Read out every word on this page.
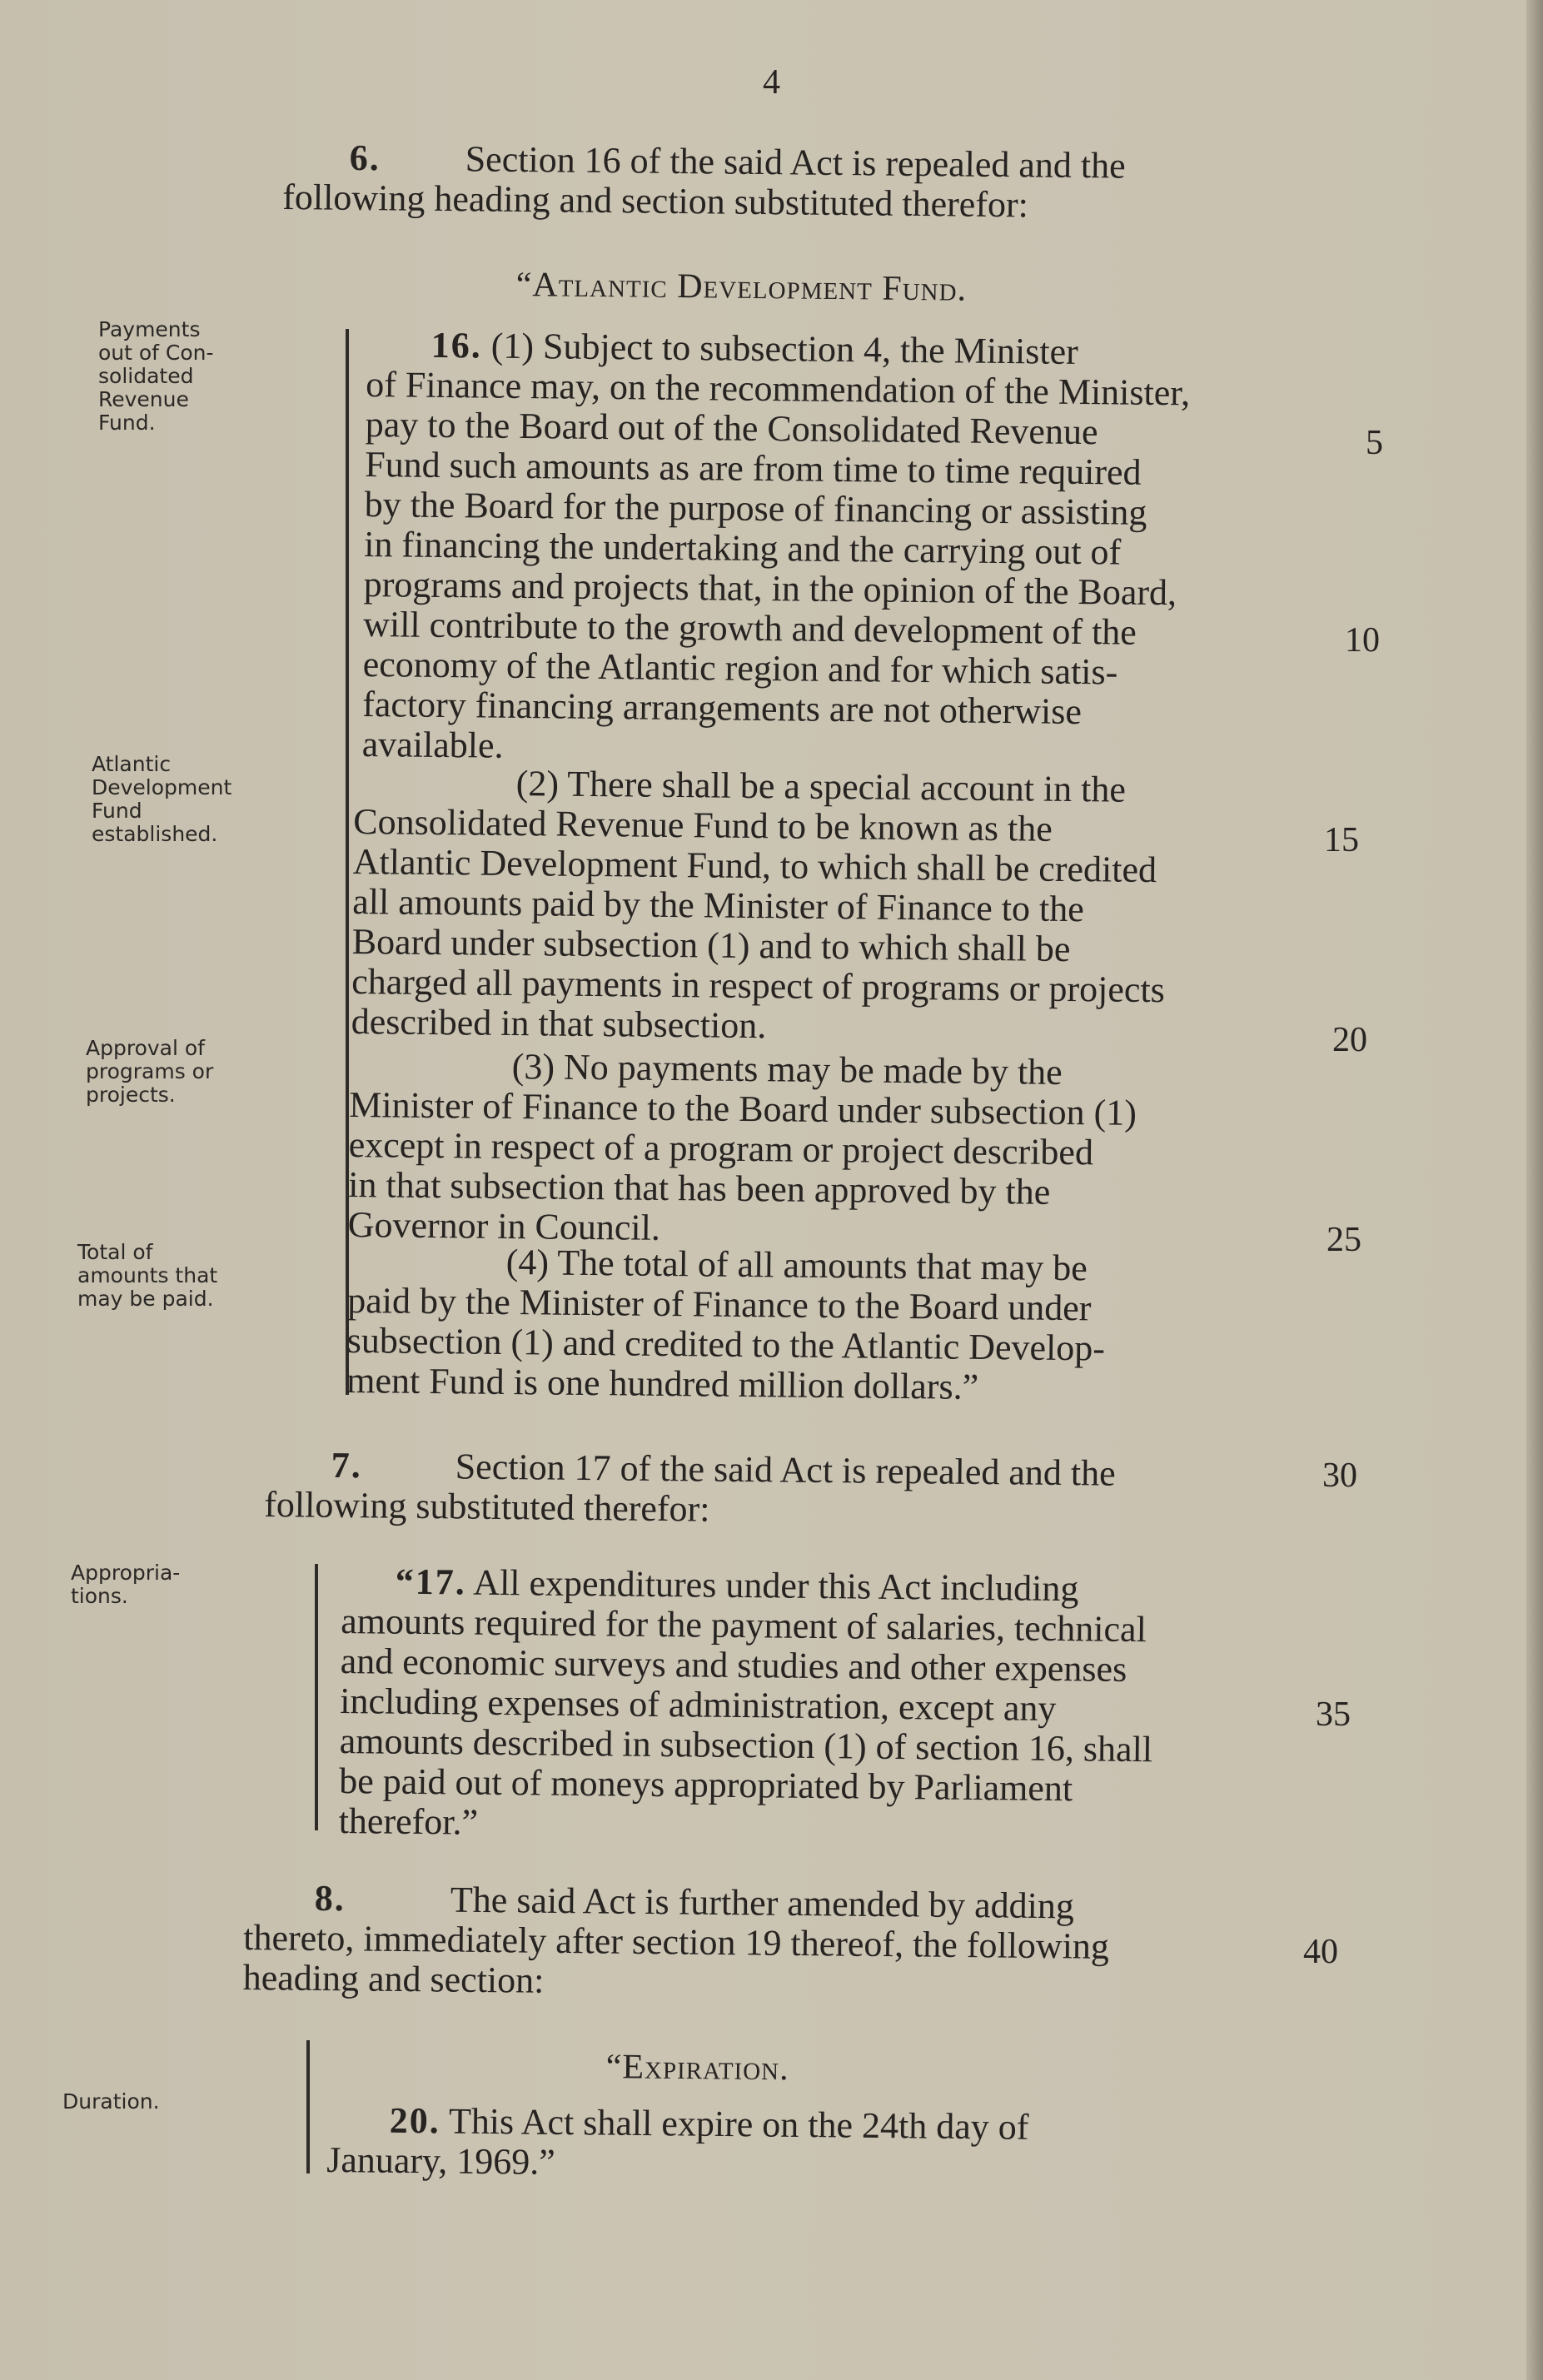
4
6. Section 16 of the said Act is repealed and the
following heading and section substituted therefor:
“Atlantic Development Fund.
16. (1) Subject to subsection 4, the Minister
of Finance may, on the recommendation of the Minister,
pay to the Board out of the Consolidated Revenue
Fund such amounts as are from time to time required
by the Board for the purpose of financing or assisting
in financing the undertaking and the carrying out of
programs and projects that, in the opinion of the Board,
will contribute to the growth and development of the
economy of the Atlantic region and for which satis-
factory financing arrangements are not otherwise
available.
(2) There shall be a special account in the
Consolidated Revenue Fund to be known as the
Atlantic Development Fund, to which shall be credited
all amounts paid by the Minister of Finance to the
Board under subsection (1) and to which shall be
charged all payments in respect of programs or projects
described in that subsection.
(3) No payments may be made by the
Minister of Finance to the Board under subsection (1)
except in respect of a program or project described
in that subsection that has been approved by the
Governor in Council.
(4) The total of all amounts that may be
paid by the Minister of Finance to the Board under
subsection (1) and credited to the Atlantic Develop-
ment Fund is one hundred million dollars.”
7.	Section 17 of the said Act is repealed and the
following substituted therefor:
“17. All expenditures under this Act including
amounts required for the payment of salaries, technical
and economic surveys and studies and other expenses
including expenses of administration, except any
amounts described in subsection (1) of section 16, shall
be paid out of moneys appropriated by Parliament
therefor.”
8.	The said Act is further amended by adding
thereto, immediately after section 19 thereof, the following
heading and section:
“Expiration.
20. This Act shall expire on the 24th day of
January, 1969.”
Payments
out of Con-
solidated
Revenue
Fund.
Atlantic
Development
Fund
established.
Approval of
programs or
projects.
Total of
amounts that
may be paid.
Appropria-
tions.
Duration.
5
10
15
20
25
30
35
40
